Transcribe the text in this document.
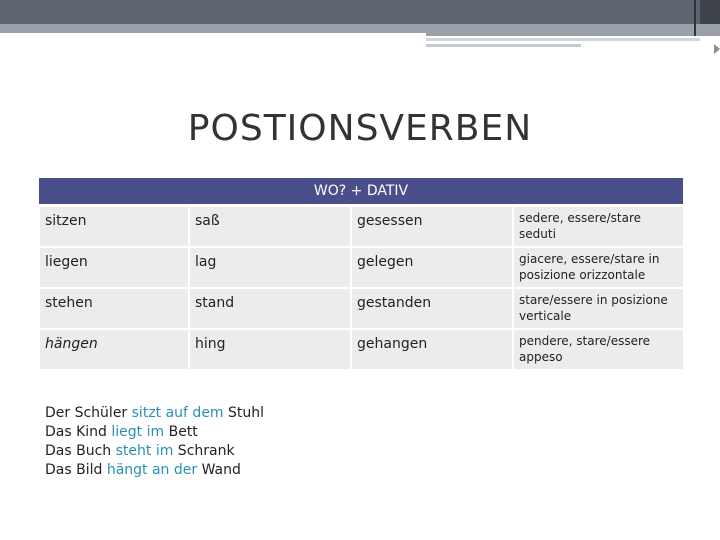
POSTIONSVERBEN
WO? + DATIV			
sitzen	saß	gesessen	sedere, essere/stare seduti
liegen	lag	gelegen	giacere, essere/stare in posizione orizzontale
stehen	stand	gestanden	stare/essere in posizione verticale
hängen	hing	gehangen	pendere, stare/essere appeso
Der Schüler sitzt auf dem Stuhl
Das Kind liegt im Bett
Das Buch steht im Schrank
Das Bild hängt an der Wand
